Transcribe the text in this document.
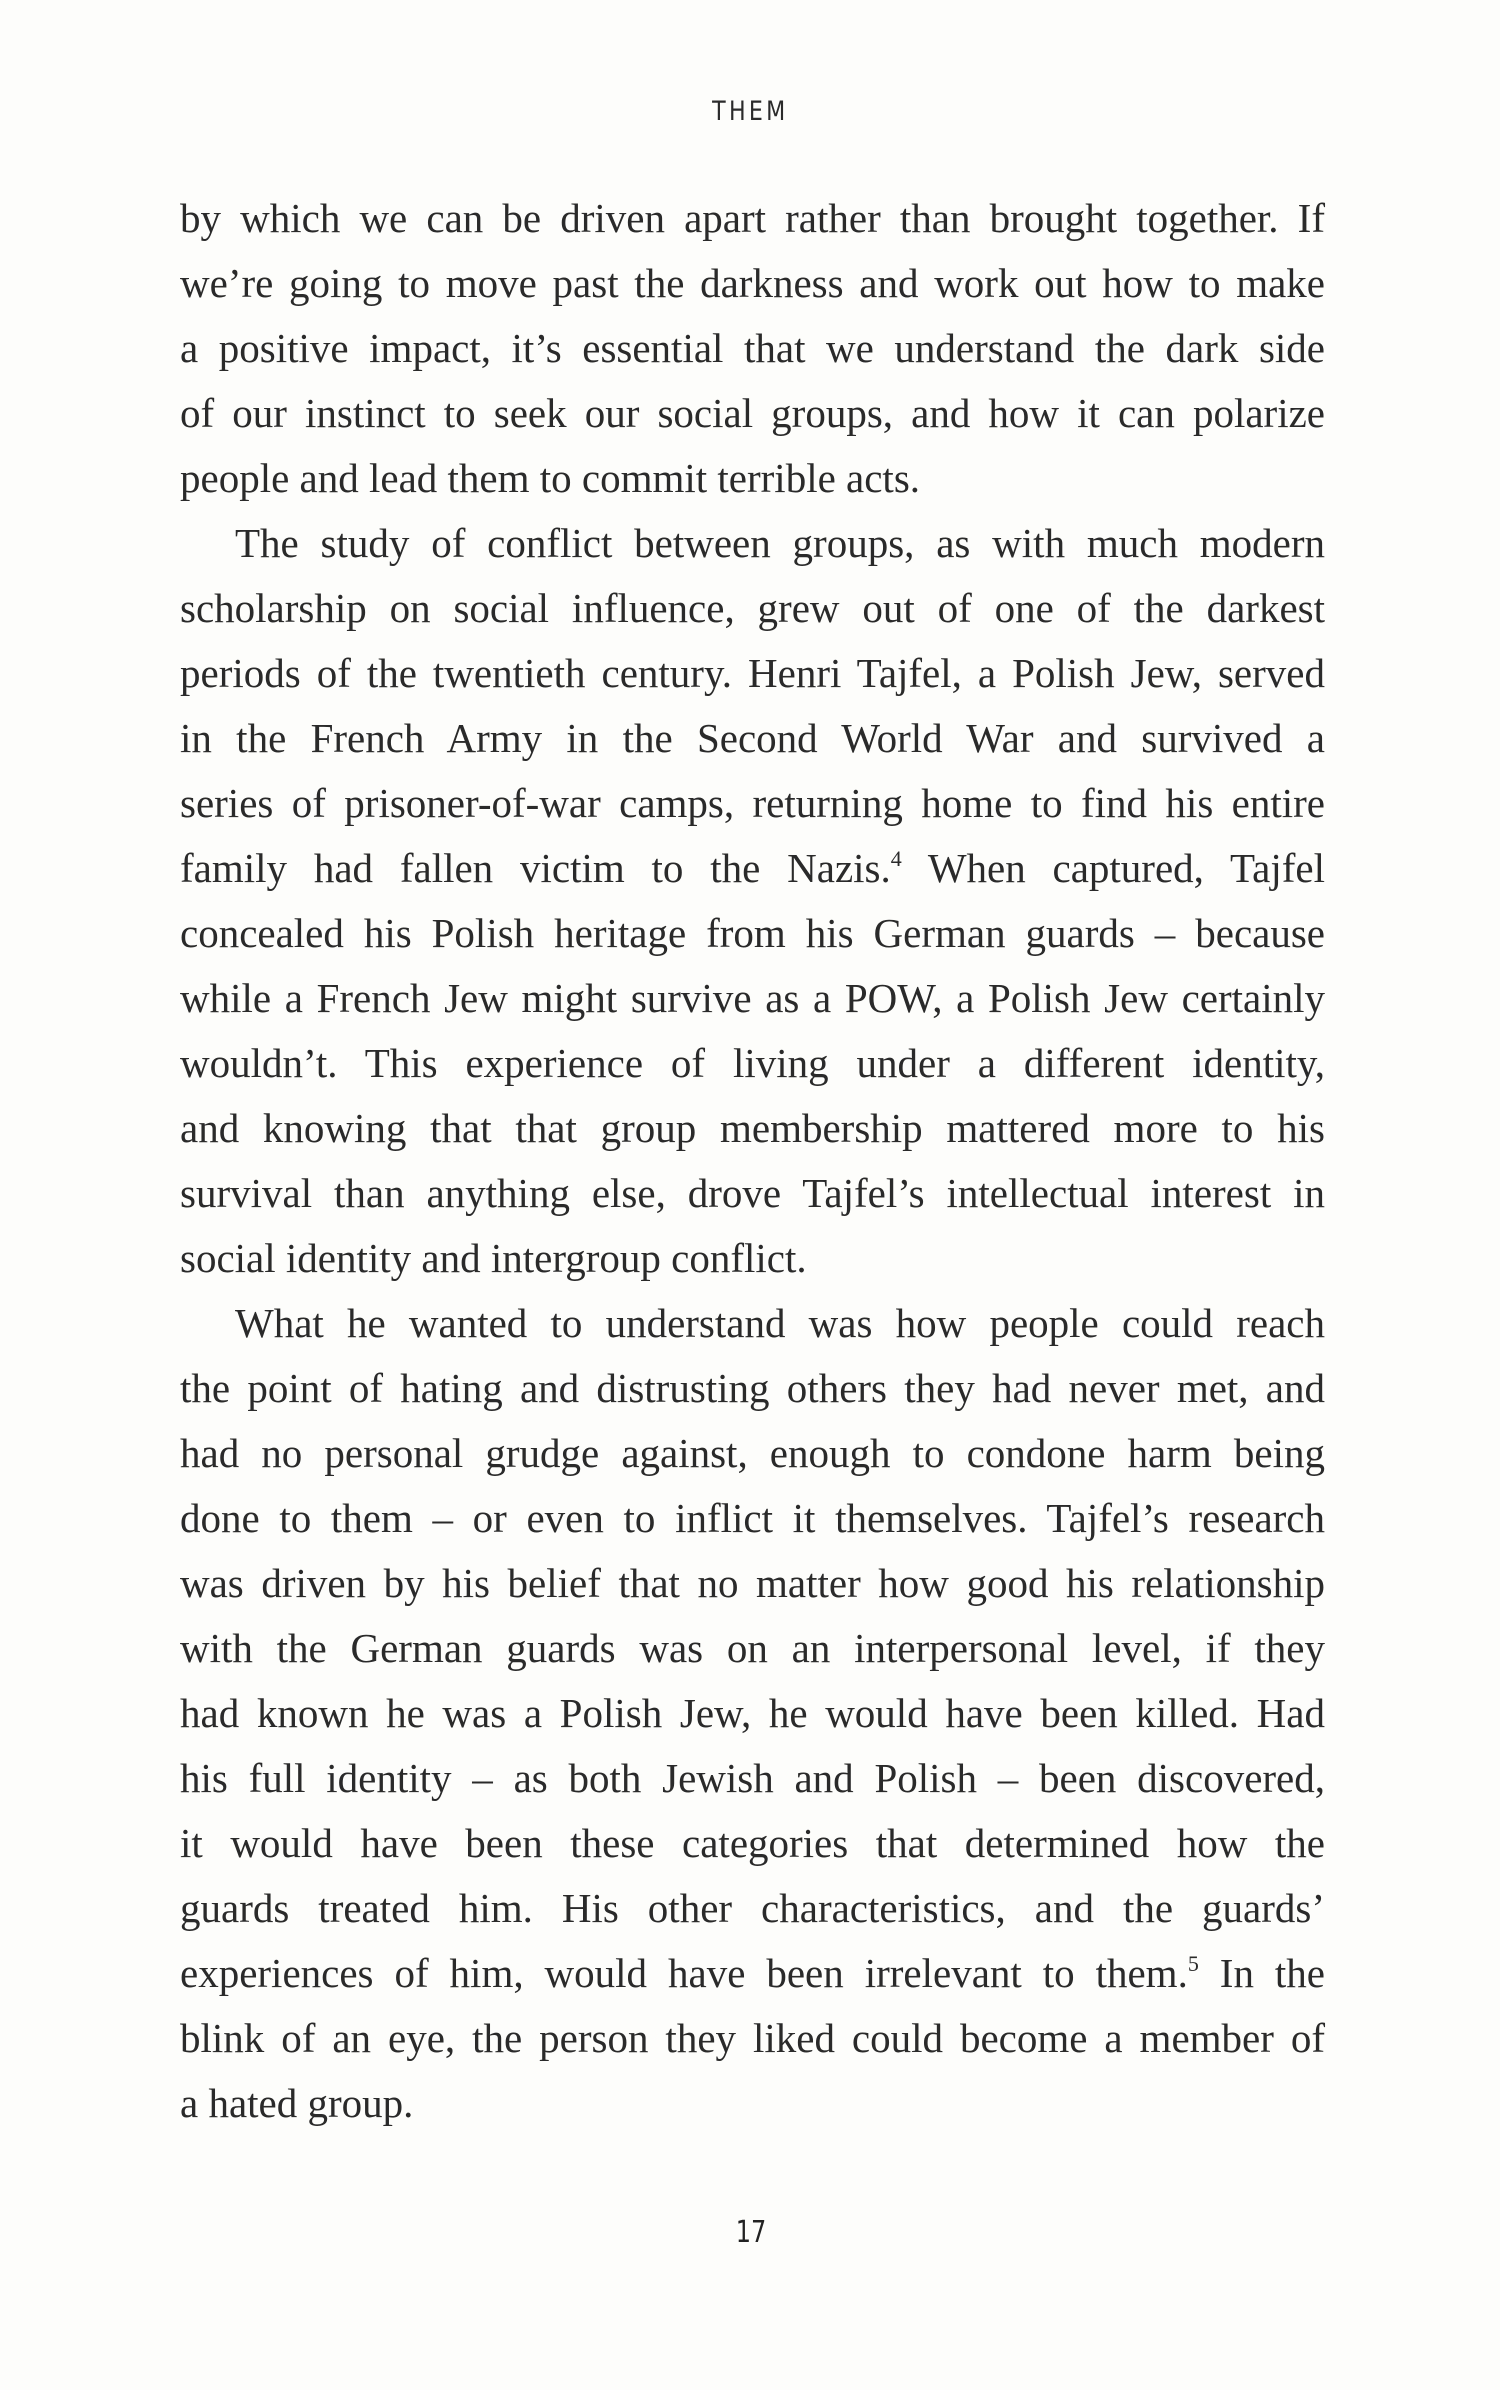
THEM
by which we can be driven apart rather than brought together. If
we’re going to move past the darkness and work out how to make
a positive impact, it’s essential that we understand the dark side
of our instinct to seek our social groups, and how it can polarize
people and lead them to commit terrible acts.
The study of conflict between groups, as with much modern
scholarship on social influence, grew out of one of the darkest
periods of the twentieth century. Henri Tajfel, a Polish Jew, served
in the French Army in the Second World War and survived a
series of prisoner-of-war camps, returning home to find his entire
family had fallen victim to the Nazis.$^4$ When captured, Tajfel
concealed his Polish heritage from his German guards – because
while a French Jew might survive as a POW, a Polish Jew certainly
wouldn’t. This experience of living under a different identity,
and knowing that that group membership mattered more to his
survival than anything else, drove Tajfel’s intellectual interest in
social identity and intergroup conflict.
What he wanted to understand was how people could reach
the point of hating and distrusting others they had never met, and
had no personal grudge against, enough to condone harm being
done to them – or even to inflict it themselves. Tajfel’s research
was driven by his belief that no matter how good his relationship
with the German guards was on an interpersonal level, if they
had known he was a Polish Jew, he would have been killed. Had
his full identity – as both Jewish and Polish – been discovered,
it would have been these categories that determined how the
guards treated him. His other characteristics, and the guards’
experiences of him, would have been irrelevant to them.$^5$ In the
blink of an eye, the person they liked could become a member of
a hated group.
17
